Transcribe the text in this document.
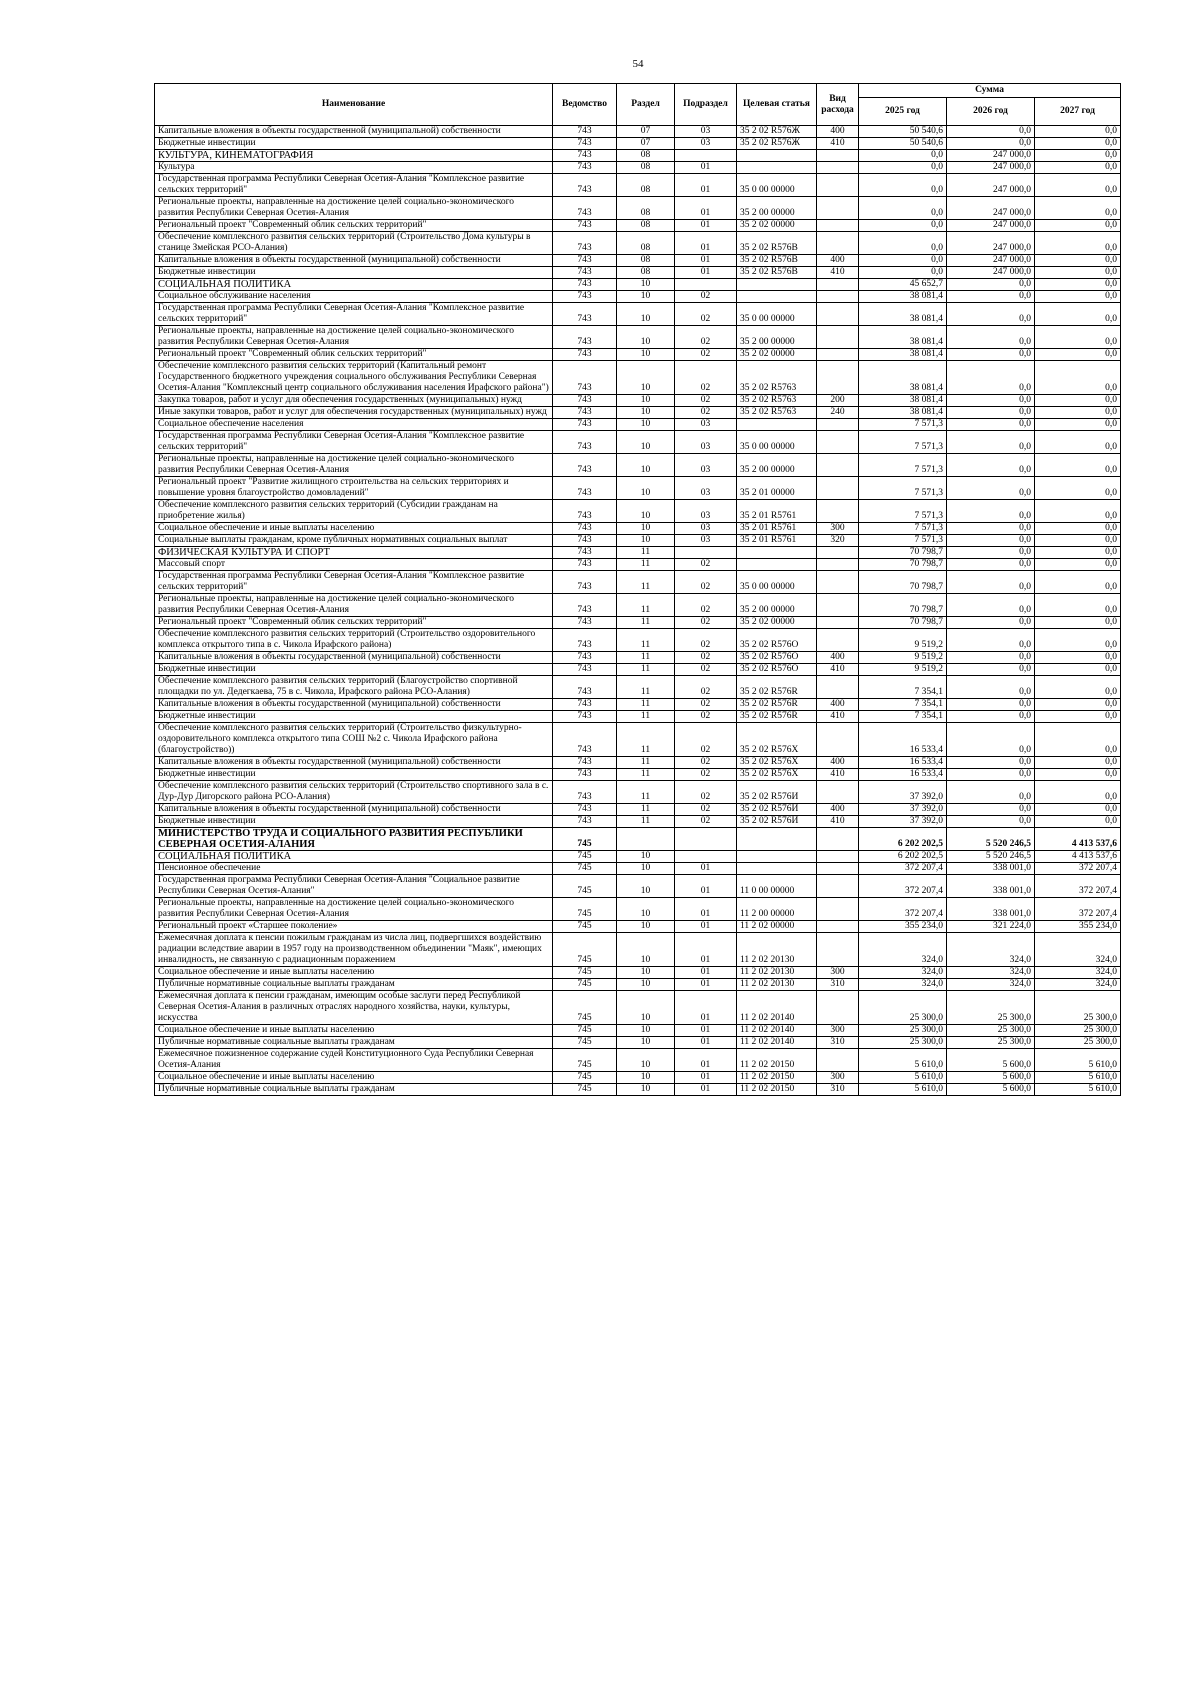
54
Наименование	Ведомство	Раздел	Подраздел	Целевая статья	Вид расхода	Сумма		
						2025 год	2026 год	2027 год
Капитальные вложения в объекты государственной (муниципальной) собственности	743	07	03	35 2 02 R576Ж	400	50 540,6	0,0	0,0
Бюджетные инвестиции	743	07	03	35 2 02 R576Ж	410	50 540,6	0,0	0,0
КУЛЬТУРА, КИНЕМАТОГРАФИЯ	743	08				0,0	247 000,0	0,0
Культура	743	08	01			0,0	247 000,0	0,0
Государственная программа Республики Северная Осетия-Алания "Комплексное развитие сельских территорий"	743	08	01	35 0 00 00000		0,0	247 000,0	0,0
Региональные проекты, направленные на достижение целей социально-экономического развития Республики Северная Осетия-Алания	743	08	01	35 2 00 00000		0,0	247 000,0	0,0
Региональный проект "Современный облик сельских территорий"	743	08	01	35 2 02 00000		0,0	247 000,0	0,0
Обеспечение комплексного развития сельских территорий (Строительство Дома культуры в станице Змейская РСО-Алания)	743	08	01	35 2 02 R576B		0,0	247 000,0	0,0
Капитальные вложения в объекты государственной (муниципальной) собственности	743	08	01	35 2 02 R576B	400	0,0	247 000,0	0,0
Бюджетные инвестиции	743	08	01	35 2 02 R576B	410	0,0	247 000,0	0,0
СОЦИАЛЬНАЯ ПОЛИТИКА	743	10				45 652,7	0,0	0,0
Социальное обслуживание населения	743	10	02			38 081,4	0,0	0,0
Государственная программа Республики Северная Осетия-Алания "Комплексное развитие сельских территорий"	743	10	02	35 0 00 00000		38 081,4	0,0	0,0
Региональные проекты, направленные на достижение целей социально-экономического развития Республики Северная Осетия-Алания	743	10	02	35 2 00 00000		38 081,4	0,0	0,0
Региональный проект "Современный облик сельских территорий"	743	10	02	35 2 02 00000		38 081,4	0,0	0,0
Обеспечение комплексного развития сельских территорий (Капитальный ремонт Государственного бюджетного учреждения социального обслуживания Республики Северная Осетия-Алания "Комплексный центр социального обслуживания населения Ирафского района")	743	10	02	35 2 02 R5763		38 081,4	0,0	0,0
Закупка товаров, работ и услуг для обеспечения государственных (муниципальных) нужд	743	10	02	35 2 02 R5763	200	38 081,4	0,0	0,0
Иные закупки товаров, работ и услуг для обеспечения государственных (муниципальных) нужд	743	10	02	35 2 02 R5763	240	38 081,4	0,0	0,0
Социальное обеспечение населения	743	10	03			7 571,3	0,0	0,0
Государственная программа Республики Северная Осетия-Алания "Комплексное развитие сельских территорий"	743	10	03	35 0 00 00000		7 571,3	0,0	0,0
Региональные проекты, направленные на достижение целей социально-экономического развития Республики Северная Осетия-Алания	743	10	03	35 2 00 00000		7 571,3	0,0	0,0
Региональный проект "Развитие жилищного строительства на сельских территориях и повышение уровня благоустройство домовладений"	743	10	03	35 2 01 00000		7 571,3	0,0	0,0
Обеспечение комплексного развития сельских территорий (Субсидии гражданам на приобретение жилья)	743	10	03	35 2 01 R5761		7 571,3	0,0	0,0
Социальное обеспечение и иные выплаты населению	743	10	03	35 2 01 R5761	300	7 571,3	0,0	0,0
Социальные выплаты гражданам, кроме публичных нормативных социальных выплат	743	10	03	35 2 01 R5761	320	7 571,3	0,0	0,0
ФИЗИЧЕСКАЯ КУЛЬТУРА И СПОРТ	743	11				70 798,7	0,0	0,0
Массовый спорт	743	11	02			70 798,7	0,0	0,0
Государственная программа Республики Северная Осетия-Алания "Комплексное развитие сельских территорий"	743	11	02	35 0 00 00000		70 798,7	0,0	0,0
Региональные проекты, направленные на достижение целей социально-экономического развития Республики Северная Осетия-Алания	743	11	02	35 2 00 00000		70 798,7	0,0	0,0
Региональный проект "Современный облик сельских территорий"	743	11	02	35 2 02 00000		70 798,7	0,0	0,0
Обеспечение комплексного развития сельских территорий (Строительство оздоровительного комплекса открытого типа в с. Чикола Ирафского района)	743	11	02	35 2 02 R576O		9 519,2	0,0	0,0
Капитальные вложения в объекты государственной (муниципальной) собственности	743	11	02	35 2 02 R576O	400	9 519,2	0,0	0,0
Бюджетные инвестиции	743	11	02	35 2 02 R576O	410	9 519,2	0,0	0,0
Обеспечение комплексного развития сельских территорий (Благоустройство спортивной площадки по ул. Дедегкаева, 75 в с. Чикола, Ирафского района РСО-Алания)	743	11	02	35 2 02 R576R		7 354,1	0,0	0,0
Капитальные вложения в объекты государственной (муниципальной) собственности	743	11	02	35 2 02 R576R	400	7 354,1	0,0	0,0
Бюджетные инвестиции	743	11	02	35 2 02 R576R	410	7 354,1	0,0	0,0
Обеспечение комплексного развития сельских территорий (Строительство физкультурно-оздоровительного комплекса открытого типа СОШ №2 с. Чикола Ирафского района (благоустройство))	743	11	02	35 2 02 R576X		16 533,4	0,0	0,0
Капитальные вложения в объекты государственной (муниципальной) собственности	743	11	02	35 2 02 R576X	400	16 533,4	0,0	0,0
Бюджетные инвестиции	743	11	02	35 2 02 R576X	410	16 533,4	0,0	0,0
Обеспечение комплексного развития сельских территорий (Строительство спортивного зала в с. Дур-Дур Дигорского района РСО-Алания)	743	11	02	35 2 02 R576И		37 392,0	0,0	0,0
Капитальные вложения в объекты государственной (муниципальной) собственности	743	11	02	35 2 02 R576И	400	37 392,0	0,0	0,0
Бюджетные инвестиции	743	11	02	35 2 02 R576И	410	37 392,0	0,0	0,0
МИНИСТЕРСТВО ТРУДА И СОЦИАЛЬНОГО РАЗВИТИЯ РЕСПУБЛИКИ СЕВЕРНАЯ ОСЕТИЯ-АЛАНИЯ	745					6 202 202,5	5 520 246,5	4 413 537,6
СОЦИАЛЬНАЯ ПОЛИТИКА	745	10				6 202 202,5	5 520 246,5	4 413 537,6
Пенсионное обеспечение	745	10	01			372 207,4	338 001,0	372 207,4
Государственная программа Республики Северная Осетия-Алания "Социальное развитие Республики Северная Осетия-Алания"	745	10	01	11 0 00 00000		372 207,4	338 001,0	372 207,4
Региональные проекты, направленные на достижение целей социально-экономического развития Республики Северная Осетия-Алания	745	10	01	11 2 00 00000		372 207,4	338 001,0	372 207,4
Региональный проект «Старшее поколение»	745	10	01	11 2 02 00000		355 234,0	321 224,0	355 234,0
Ежемесячная доплата к пенсии пожилым гражданам из числа лиц, подвергшихся воздействию радиации вследствие аварии в 1957 году на производственном объединении "Маяк", имеющих инвалидность, не связанную с радиационным поражением	745	10	01	11 2 02 20130		324,0	324,0	324,0
Социальное обеспечение и иные выплаты населению	745	10	01	11 2 02 20130	300	324,0	324,0	324,0
Публичные нормативные социальные выплаты гражданам	745	10	01	11 2 02 20130	310	324,0	324,0	324,0
Ежемесячная доплата к пенсии гражданам, имеющим особые заслуги перед Республикой Северная Осетия-Алания в различных отраслях народного хозяйства, науки, культуры, искусства	745	10	01	11 2 02 20140		25 300,0	25 300,0	25 300,0
Социальное обеспечение и иные выплаты населению	745	10	01	11 2 02 20140	300	25 300,0	25 300,0	25 300,0
Публичные нормативные социальные выплаты гражданам	745	10	01	11 2 02 20140	310	25 300,0	25 300,0	25 300,0
Ежемесячное пожизненное содержание судей Конституционного Суда Республики Северная Осетия-Алания	745	10	01	11 2 02 20150		5 610,0	5 600,0	5 610,0
Социальное обеспечение и иные выплаты населению	745	10	01	11 2 02 20150	300	5 610,0	5 600,0	5 610,0
Публичные нормативные социальные выплаты гражданам	745	10	01	11 2 02 20150	310	5 610,0	5 600,0	5 610,0
